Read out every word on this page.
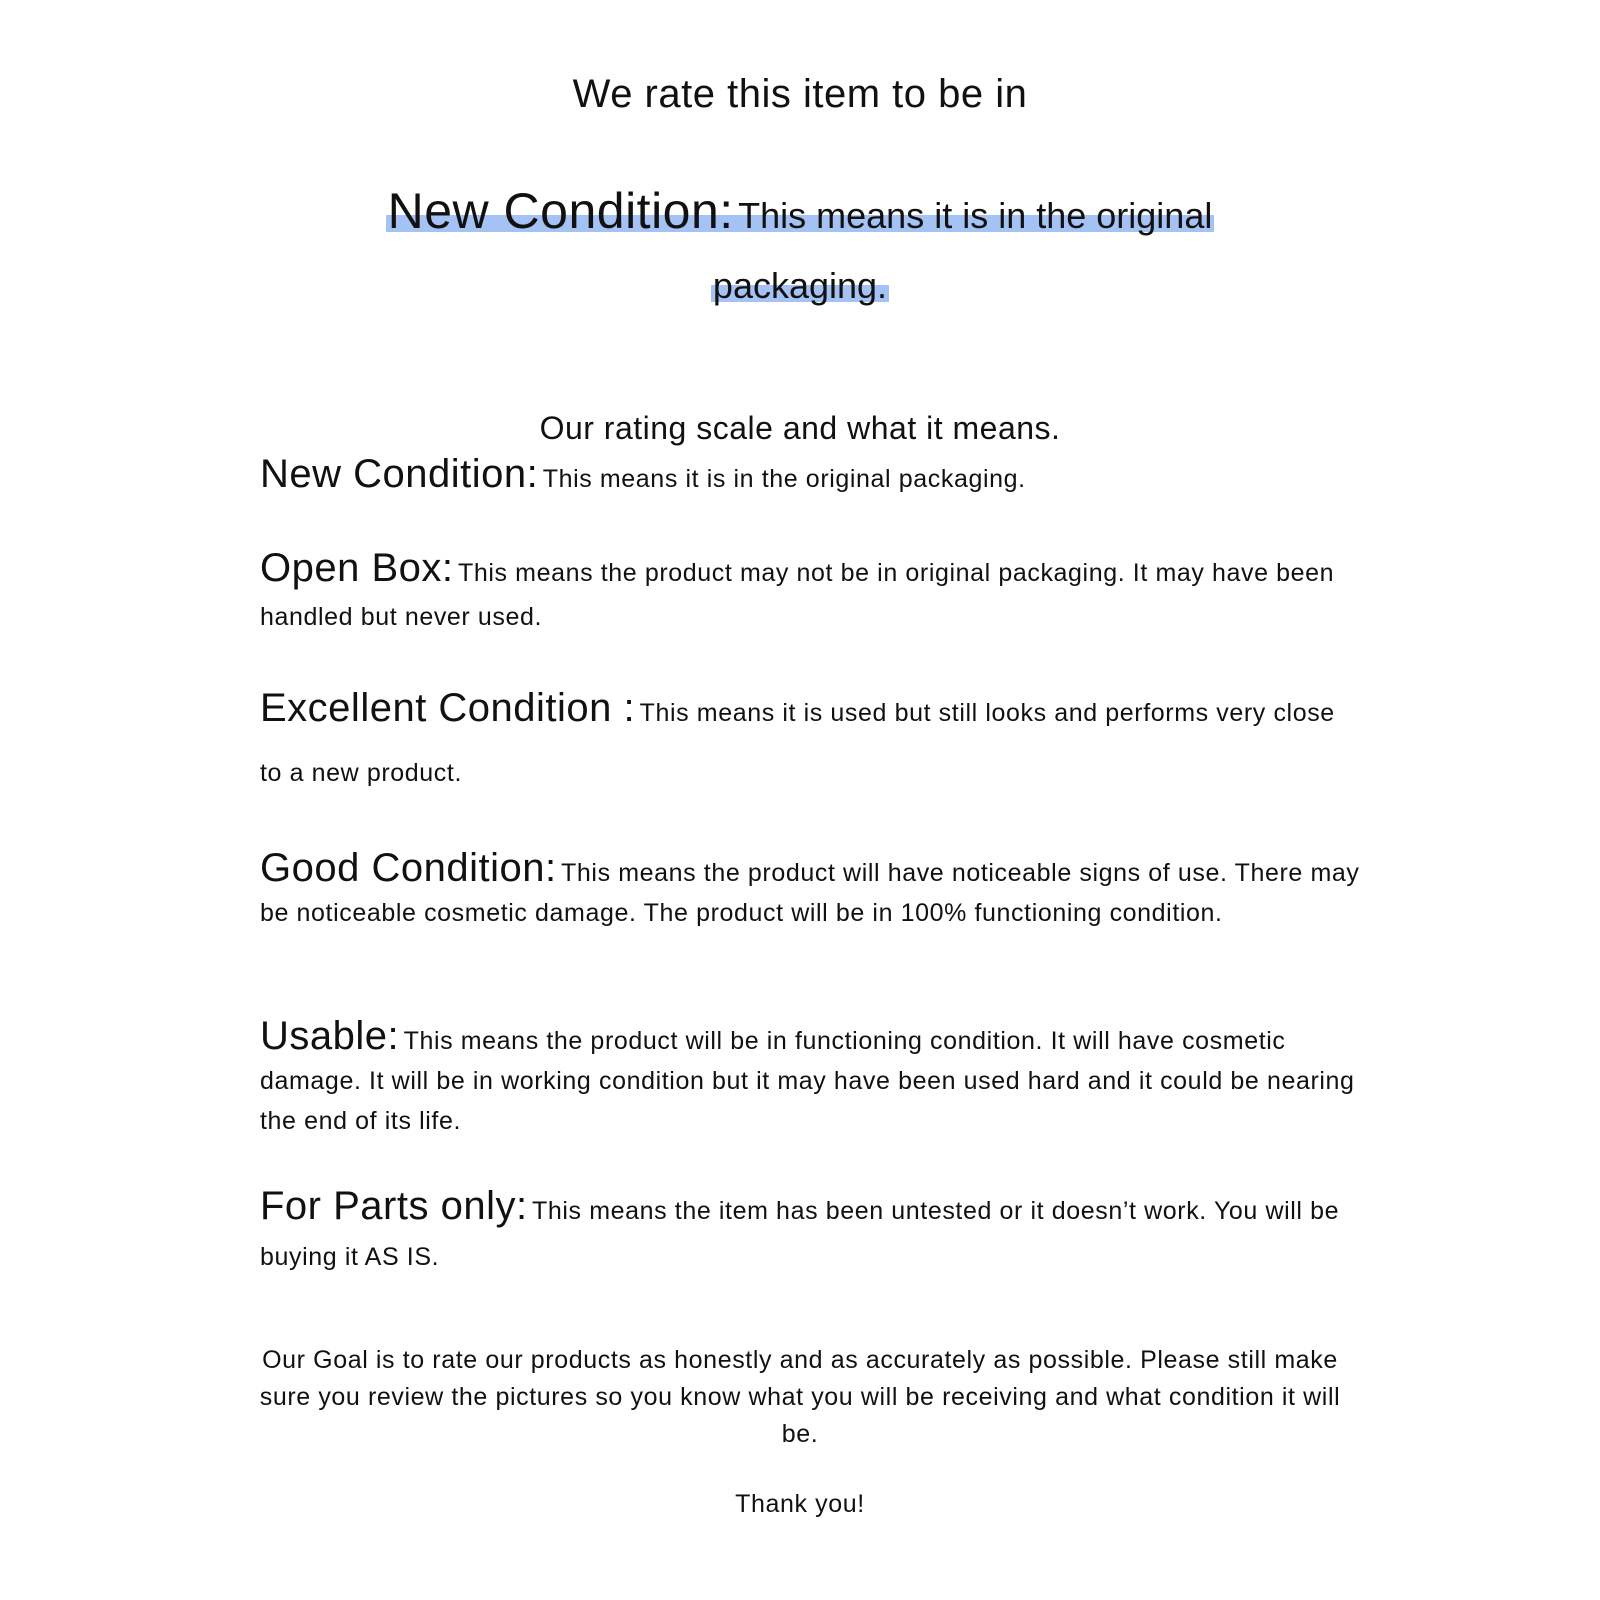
We rate this item to be in
New Condition: This means it is in the original packaging.
Our rating scale and what it means.
New Condition: This means it is in the original packaging.
Open Box: This means the product may not be in original packaging. It may have been handled but never used.
Excellent Condition : This means it is used but still looks and performs very close to a new product.
Good Condition: This means the product will have noticeable signs of use. There may be noticeable cosmetic damage. The product will be in 100% functioning condition.
Usable: This means the product will be in functioning condition. It will have cosmetic damage. It will be in working condition but it may have been used hard and it could be nearing the end of its life.
For Parts only: This means the item has been untested or it doesn’t work. You will be buying it AS IS.
Our Goal is to rate our products as honestly and as accurately as possible. Please still make sure you review the pictures so you know what you will be receiving and what condition it will be.
Thank you!
